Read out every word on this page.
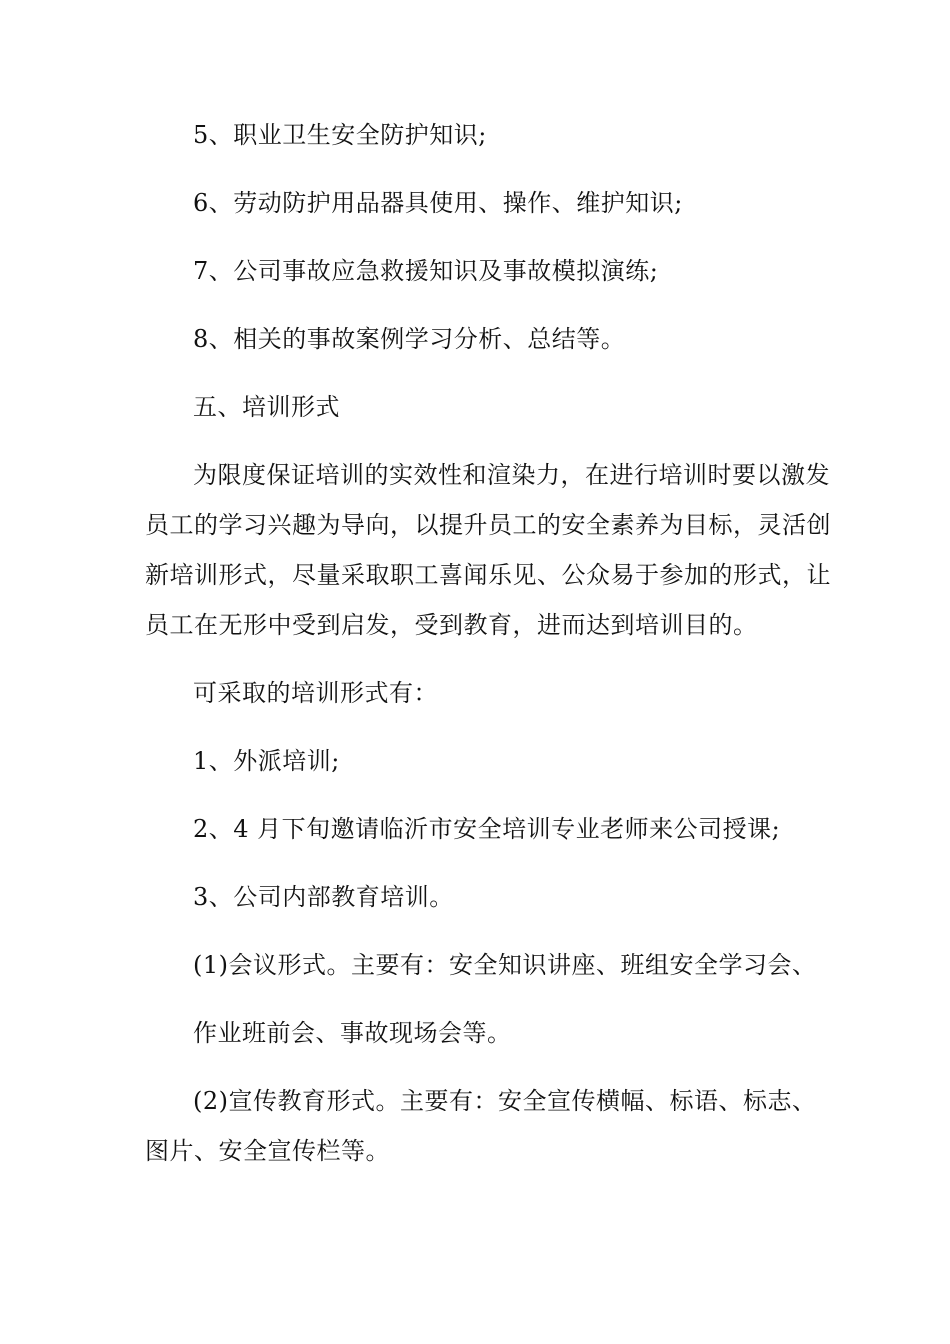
5、职业卫生安全防护知识;
6、劳动防护用品器具使用、操作、维护知识;
7、公司事故应急救援知识及事故模拟演练;
8、相关的事故案例学习分析、总结等。
五、培训形式
为限度保证培训的实效性和渲染力，在进行培训时要以激发
员工的学习兴趣为导向，以提升员工的安全素养为目标，灵活创
新培训形式，尽量采取职工喜闻乐见、公众易于参加的形式，让
员工在无形中受到启发，受到教育，进而达到培训目的。
可采取的培训形式有：
1、外派培训;
2、4 月下旬邀请临沂市安全培训专业老师来公司授课;
3、公司内部教育培训。
(1)会议形式。主要有：安全知识讲座、班组安全学习会、
作业班前会、事故现场会等。
(2)宣传教育形式。主要有：安全宣传横幅、标语、标志、
图片、安全宣传栏等。
